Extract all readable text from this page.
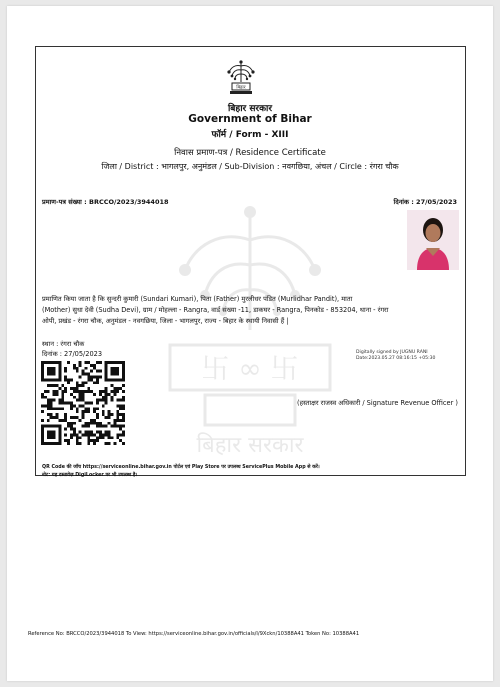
बिहार
बिहार सरकार
Government of Bihar
फॉर्म / Form - XIII
निवास प्रमाण-पत्र / Residence Certificate
जिला / District : भागलपुर, अनुमंडल / Sub-Division : नवगछिया, अंचल / Circle : रंगरा चौक
प्रमाण-पत्र संख्या : BRCCO/2023/3944018	दिनांक : 27/05/2023
卐 ∞ 卐
बिहार सरकार
प्रमाणित किया जाता है कि सुन्दरी कुमारी (Sundari Kumari), पिता (Father) मुरलीधर पंडित (Murlidhar Pandit), माता
(Mother) सुधा देवी (Sudha Devi), ग्राम / मोहल्ला - Rangra, वार्ड संख्या -11, डाकघर - Rangra, पिनकोड - 853204, थाना - रंगरा
ओपी, प्रखंड - रंगरा चौक, अनुमंडल - नवगछिया, जिला - भागलपुर, राज्य - बिहार के स्थायी निवासी हैं |
स्थान : रंगरा चौक
दिनांक : 27/05/2023	Digitally signed by JUGNU RANI
Date:2023.05.27 08:16:15 +05:30
(हस्ताक्षर राजस्व अधिकारी / Signature Revenue Officer )
QR Code की जाँच https://serviceonline.bihar.gov.in पोर्टल एवं Play Store पर उपलब्ध ServicePlus Mobile App से करें।
नोट: यह दस्तावेज़ DigiLocker पर भी उपलब्ध है।
Reference No: BRCCO/2023/3944018 To View: https://serviceonline.bihar.gov.in/officials/l/9Xckn/10388A41 Token No: 10388A41
